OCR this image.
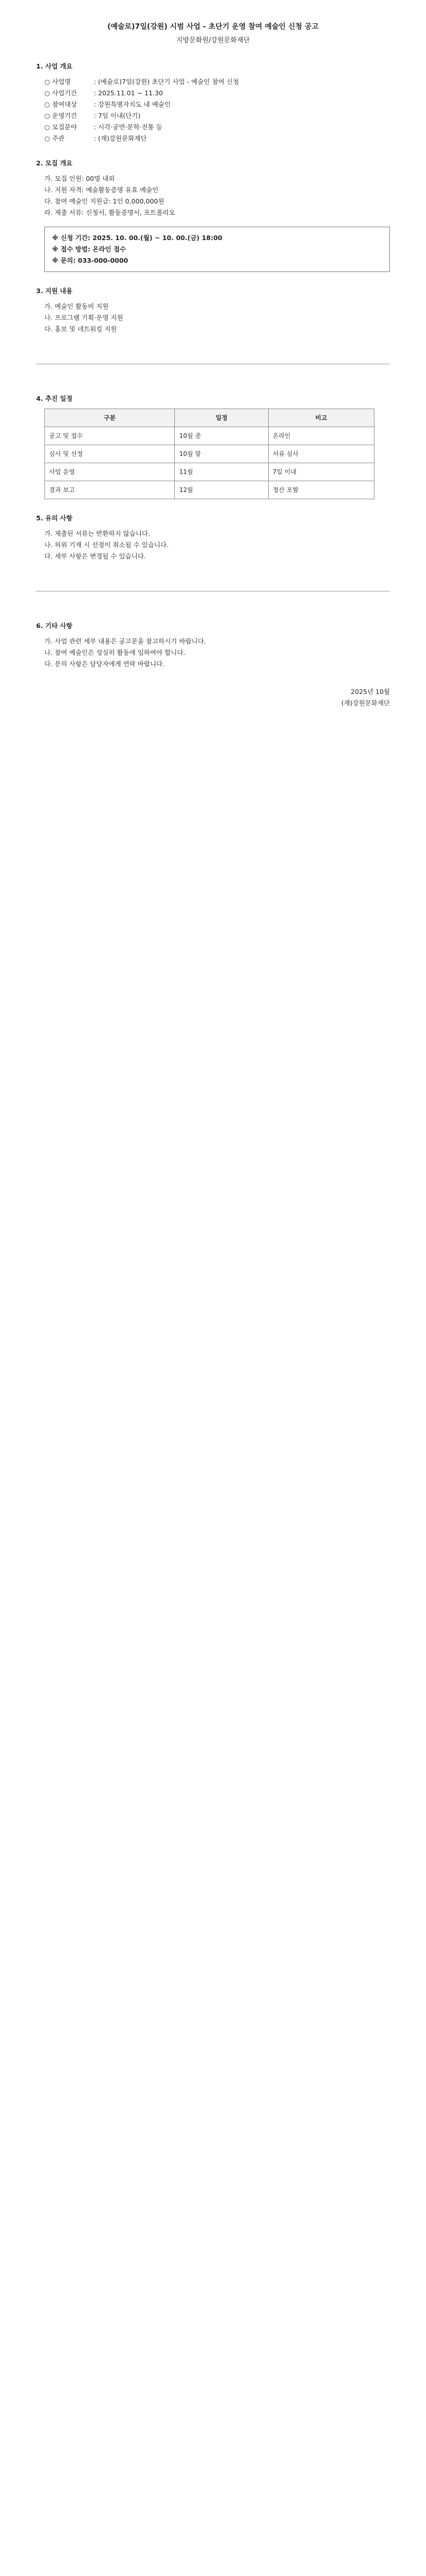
(예술로)7일(강원) 시범 사업 - 초단기 운영 참여 예술인 신청 공고
지방문화원/강원문화재단
1. 사업 개요
○ 사업명	: (예술로)7일(강원) 초단기 사업 - 예술인 참여 신청
○ 사업기간	: 2025.11.01 ~ 11.30
○ 참여대상	: 강원특별자치도 내 예술인
○ 운영기간	: 7일 이내(단기)
○ 모집분야	: 시각·공연·문학·전통 등
○ 주관	: (재)강원문화재단
2. 모집 개요
가. 모집 인원: 00명 내외
나. 지원 자격: 예술활동증명 유효 예술인
다. 참여 예술인 지원금: 1인 0,000,000원
라. 제출 서류: 신청서, 활동증명서, 포트폴리오
※ 신청 기간: 2025. 10. 00.(월) ~ 10. 00.(금) 18:00
※ 접수 방법: 온라인 접수
※ 문의: 033-000-0000
3. 지원 내용
가. 예술인 활동비 지원
나. 프로그램 기획·운영 지원
다. 홍보 및 네트워킹 지원
4. 추진 일정
구분	일정	비고
공고 및 접수	10월 중	온라인
심사 및 선정	10월 말	서류 심사
사업 운영	11월	7일 이내
결과 보고	12월	정산 포함
5. 유의 사항
가. 제출된 서류는 반환하지 않습니다.
나. 허위 기재 시 선정이 취소될 수 있습니다.
다. 세부 사항은 변경될 수 있습니다.
6. 기타 사항
가. 사업 관련 세부 내용은 공고문을 참고하시기 바랍니다.
나. 참여 예술인은 성실히 활동에 임하여야 합니다.
다. 문의 사항은 담당자에게 연락 바랍니다.
2025년 10월
(재)강원문화재단
